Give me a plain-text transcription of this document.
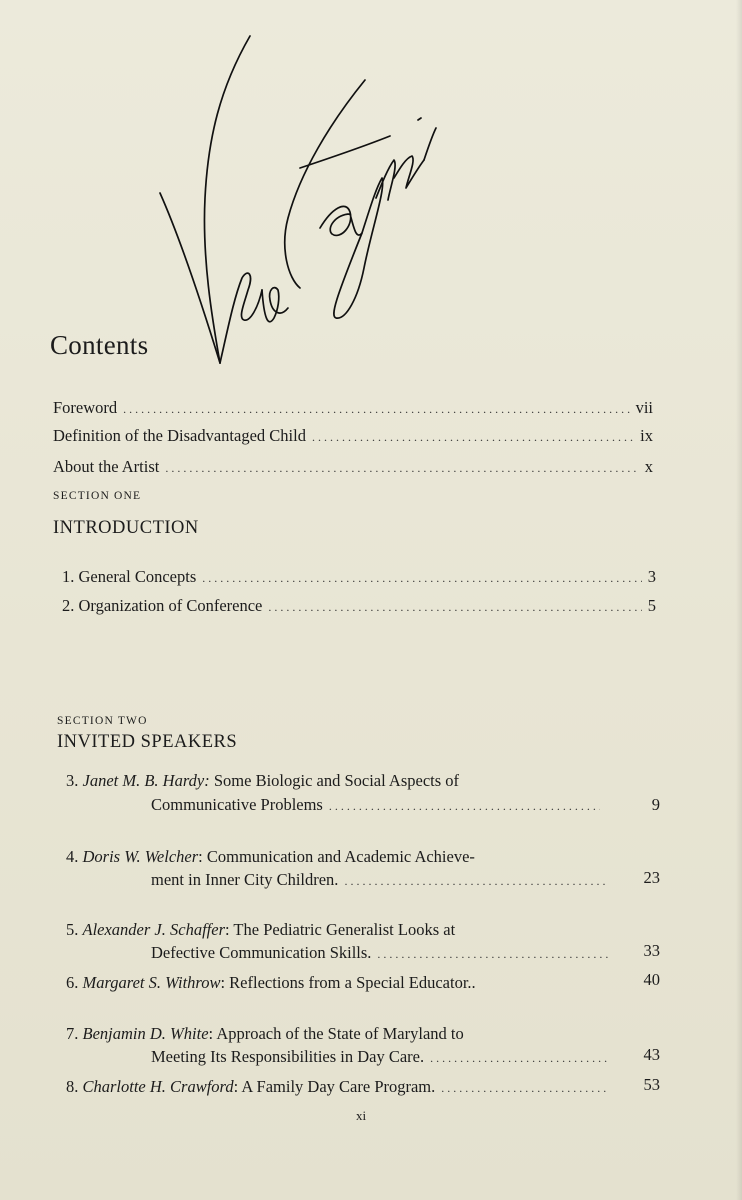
Contents
Foreword . . .	vii
Definition of the Disadvantaged Child . . .	ix
About the Artist . . .	x
SECTION ONE
INTRODUCTION
1. General Concepts . . .	3
2. Organization of Conference . . .	5
SECTION TWO
INVITED SPEAKERS
3. Janet M. B. Hardy: Some Biologic and Social Aspects of
Communicative Problems . . .	9
4. Doris W. Welcher: Communication and Academic Achieve-
ment in Inner City Children. . . .	23
5. Alexander J. Schaffer: The Pediatric Generalist Looks at
Defective Communication Skills. . . .	33
6. Margaret S. Withrow: Reflections from a Special Educator..	40
7. Benjamin D. White: Approach of the State of Maryland to
Meeting Its Responsibilities in Day Care. . . .	43
8.
Charlotte H. Crawford : A Family Day Care Program. . . .	53
xi
